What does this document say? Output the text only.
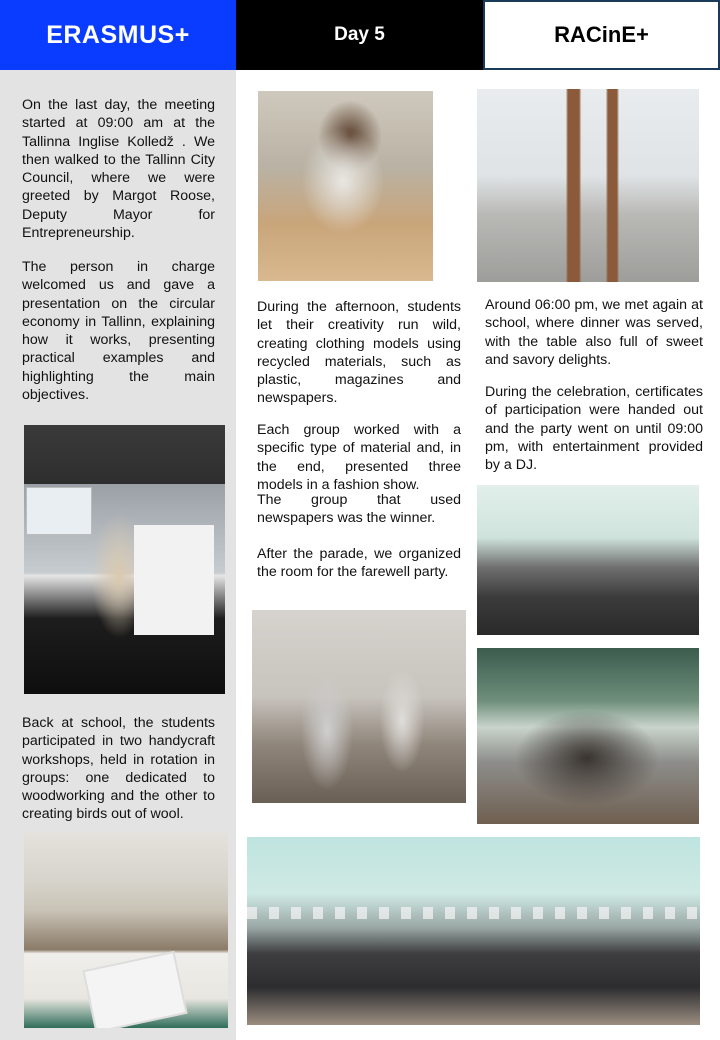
ERASMUS+	Day 5	RACinE+

On the last day, the meeting started at 09:00 am at the Tallinna Inglise Kolledž . We then walked to the Tallinn City Council, where we were greeted by Margot Roose, Deputy Mayor for Entrepreneurship.

The person in charge welcomed us and gave a presentation on the circular economy in Tallinn, explaining how it works, presenting practical examples and highlighting the main objectives.

Back at school, the students participated in two handycraft workshops, held in rotation in groups: one dedicated to woodworking and the other to creating birds out of wool.

During the afternoon, students let their creativity run wild, creating clothing models using recycled materials, such as plastic, magazines and newspapers.

Each group worked with a specific type of material and, in the end, presented three models in a fashion show.

The group that used newspapers was the winner.

After the parade, we organized the room for the farewell party.

Around 06:00 pm, we met again at school, where dinner was served, with the table also full of sweet and savory delights.

During the celebration, certificates of participation were handed out and the party went on until 09:00 pm, with entertainment provided by a DJ.
